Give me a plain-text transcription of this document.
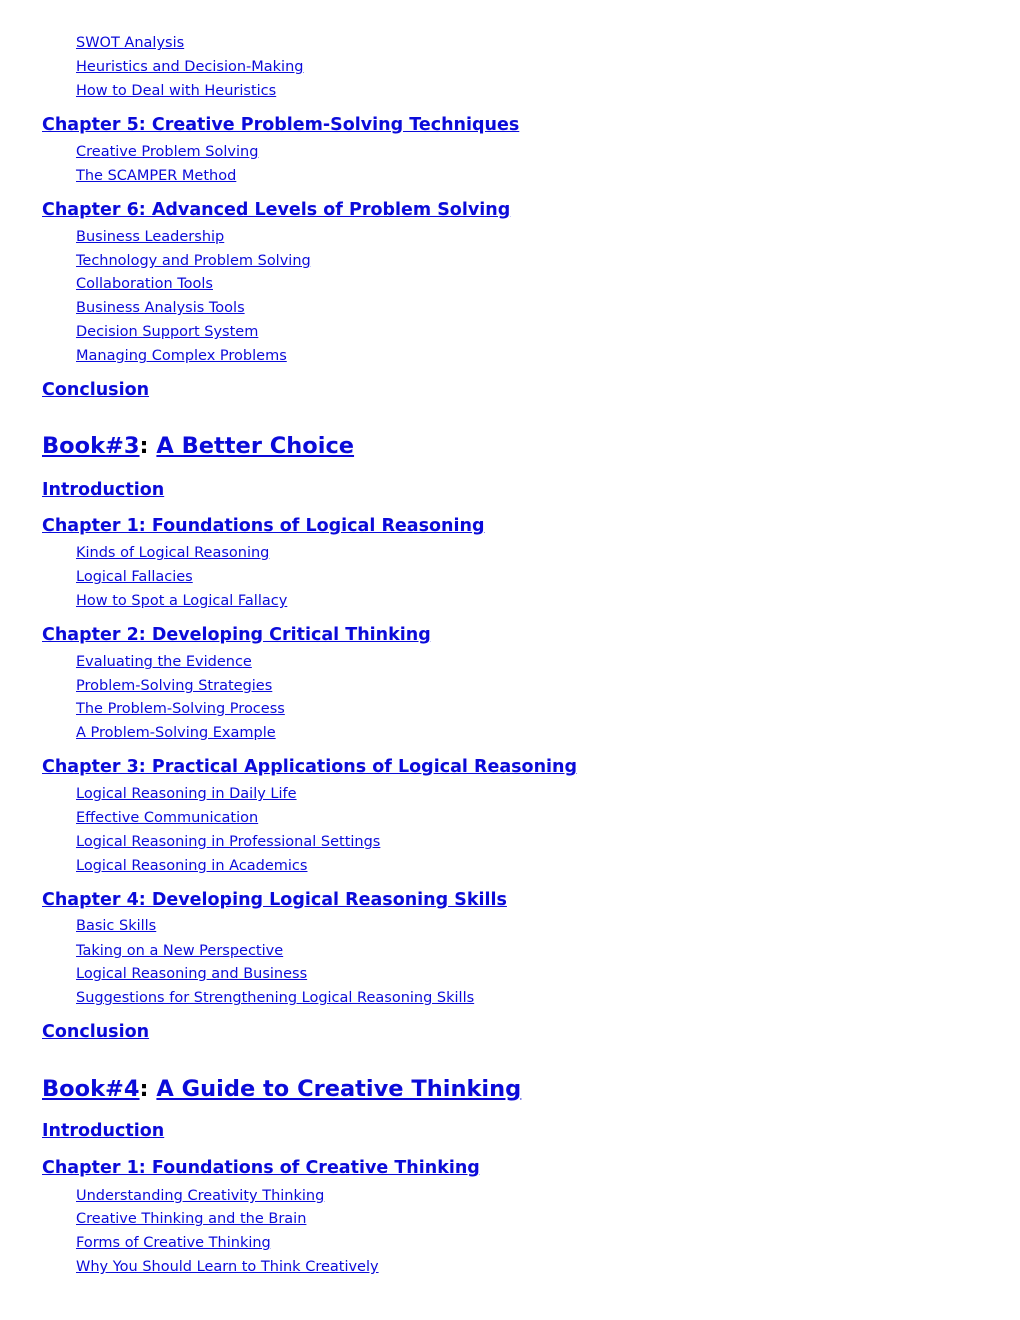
SWOT Analysis
Heuristics and Decision-Making
How to Deal with Heuristics
Chapter 5: Creative Problem-Solving Techniques
Creative Problem Solving
The SCAMPER Method
Chapter 6: Advanced Levels of Problem Solving
Business Leadership
Technology and Problem Solving
Collaboration Tools
Business Analysis Tools
Decision Support System
Managing Complex Problems
Conclusion
Book#3: A Better Choice
Introduction
Chapter 1: Foundations of Logical Reasoning
Kinds of Logical Reasoning
Logical Fallacies
How to Spot a Logical Fallacy
Chapter 2: Developing Critical Thinking
Evaluating the Evidence
Problem-Solving Strategies
The Problem-Solving Process
A Problem-Solving Example
Chapter 3: Practical Applications of Logical Reasoning
Logical Reasoning in Daily Life
Effective Communication
Logical Reasoning in Professional Settings
Logical Reasoning in Academics
Chapter 4: Developing Logical Reasoning Skills
Basic Skills
Taking on a New Perspective
Logical Reasoning and Business
Suggestions for Strengthening Logical Reasoning Skills
Conclusion
Book#4: A Guide to Creative Thinking
Introduction
Chapter 1: Foundations of Creative Thinking
Understanding Creativity Thinking
Creative Thinking and the Brain
Forms of Creative Thinking
Why You Should Learn to Think Creatively
